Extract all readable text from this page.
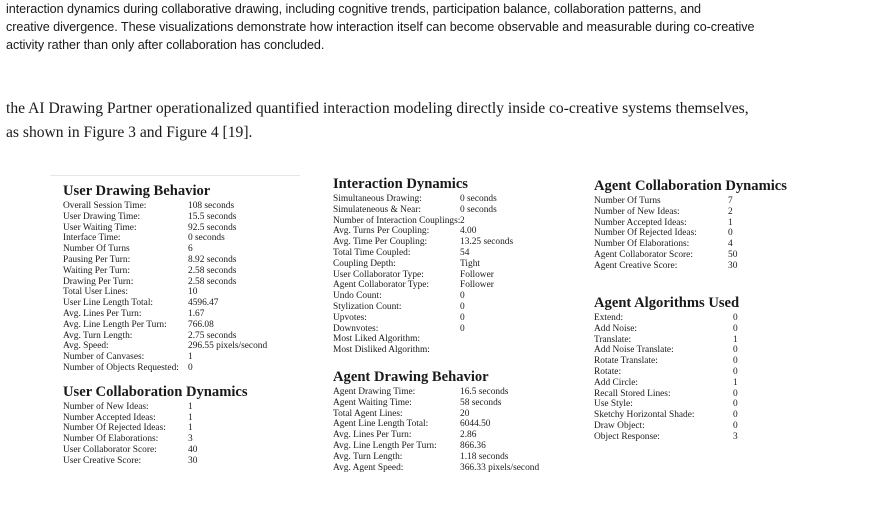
interaction dynamics during collaborative drawing, including cognitive trends, participation balance, collaboration patterns, and

creative divergence. These visualizations demonstrate how interaction itself can become observable and measurable during co-creative

activity rather than only after collaboration has concluded.

the AI Drawing Partner operationalized quantified interaction modeling directly inside co-creative systems themselves,

as shown in Figure 3 and Figure 4 [19].

User Drawing Behavior
Overall Session Time:	108 seconds
User Drawing Time:	15.5 seconds
User Waiting Time:	92.5 seconds
Interface Time:	0 seconds
Number Of Turns	6
Pausing Per Turn:	8.92 seconds
Waiting Per Turn:	2.58 seconds
Drawing Per Turn:	2.58 seconds
Total User Lines:	10
User Line Length Total:	4596.47
Avg. Lines Per Turn:	1.67
Avg. Line Length Per Turn:	766.08
Avg. Turn Length:	2.75 seconds
Avg. Speed:	296.55 pixels/second
Number of Canvases:	1
Number of Objects Requested: 0
User Collaboration Dynamics
Number of New Ideas:	1
Number Accepted Ideas:	1
Number Of Rejected Ideas:	1
Number Of Elaborations:	3
User Collaborator Score:	40
User Creative Score:	30
Interaction Dynamics
Simultaneous Drawing:	0 seconds
Simulateneous & Near:	0 seconds
Number of Interaction Couplings: 2
Avg. Turns Per Coupling:	4.00
Avg. Time Per Coupling:	13.25 seconds
Total Time Coupled:	54
Coupling Depth:	Tight
User Collaborator Type:	Follower
Agent Collaborator Type:	Follower
Undo Count:	0
Stylization Count:	0
Upvotes:	0
Downvotes:	0
Most Liked Algorithm:
Most Disliked Algorithm:
Agent Drawing Behavior
Agent Drawing Time:	16.5 seconds
Agent Waiting Time:	58 seconds
Total Agent Lines:	20
Agent Line Length Total:	6044.50
Avg. Lines Per Turn:	2.86
Avg. Line Length Per Turn:	866.36
Avg. Turn Length:	1.18 seconds
Avg. Agent Speed:	366.33 pixels/second
Agent Collaboration Dynamics
Number Of Turns	7
Number of New Ideas:	2
Number Accepted Ideas:	1
Number Of Rejected Ideas:	0
Number Of Elaborations:	4
Agent Collaborator Score:	50
Agent Creative Score:	30
Agent Algorithms Used
Extend:	0
Add Noise:	0
Translate:	1
Add Noise Translate:	0
Rotate Translate:	0
Rotate:	0
Add Circle:	1
Recall Stored Lines:	0
Use Style:	0
Sketchy Horizontal Shade:	0
Draw Object:	0
Object Response:	3
